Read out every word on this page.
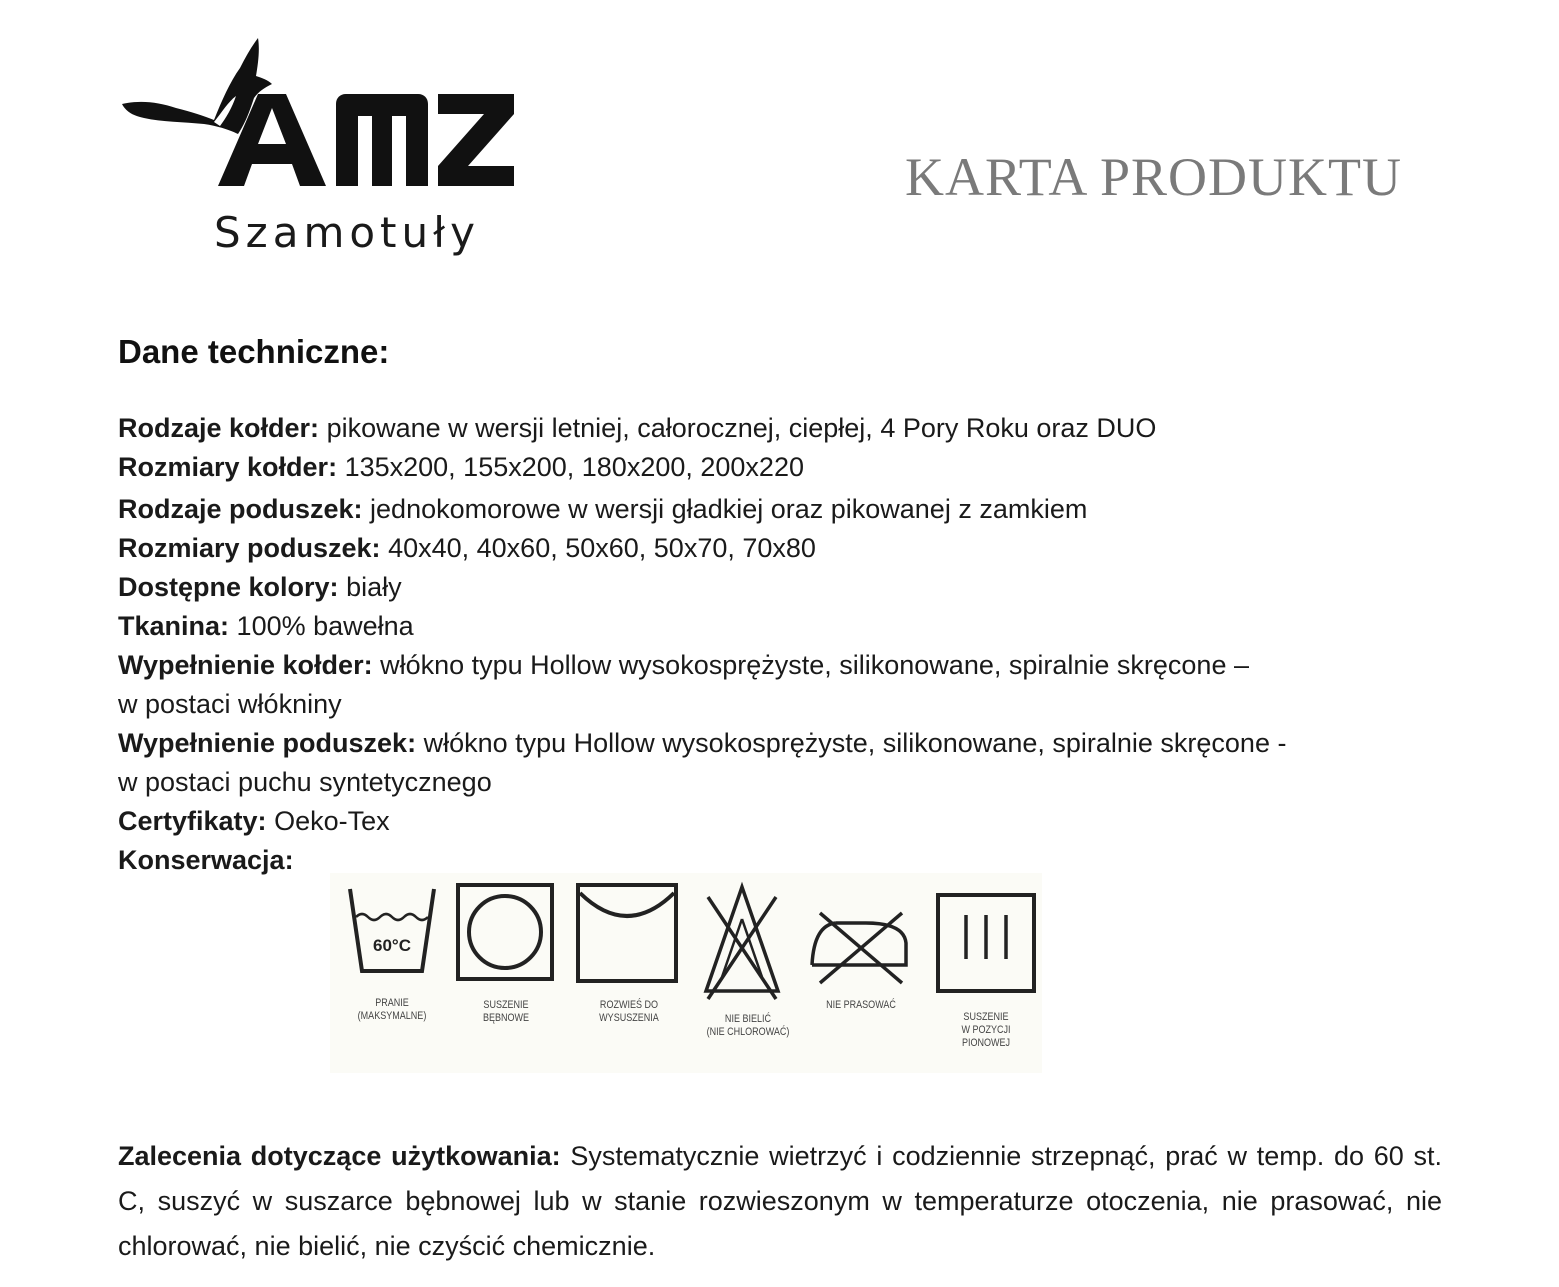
Szamotuły
KARTA PRODUKTU
Dane techniczne:
Rodzaje kołder: pikowane w wersji letniej, całorocznej, ciepłej, 4 Pory Roku oraz DUO
Rozmiary kołder: 135x200, 155x200, 180x200, 200x220
Rodzaje poduszek: jednokomorowe w wersji gładkiej oraz pikowanej z zamkiem
Rozmiary poduszek: 40x40, 40x60, 50x60, 50x70, 70x80
Dostępne kolory: biały
Tkanina: 100% bawełna
Wypełnienie kołder: włókno typu Hollow wysokosprężyste, silikonowane, spiralnie skręcone –
w postaci włókniny
Wypełnienie poduszek: włókno typu Hollow wysokosprężyste, silikonowane, spiralnie skręcone -
w postaci puchu syntetycznego
Certyfikaty: Oeko-Tex
Konserwacja:
60°C
PRANIE
(MAKSYMALNE)
SUSZENIE
BĘBNOWE
ROZWIEŚ DO
WYSUSZENIA	NIE BIELIĆ
(NIE CHLOROWAĆ)
NIE PRASOWAĆ
SUSZENIE
W POZYCJI
PIONOWEJ
Zalecenia dotyczące użytkowania: Systematycznie wietrzyć i codziennie strzepnąć, prać w temp. do 60 st. C, suszyć w suszarce bębnowej lub w stanie rozwieszonym w temperaturze otoczenia, nie prasować, nie chlorować, nie bielić, nie czyścić chemicznie.
